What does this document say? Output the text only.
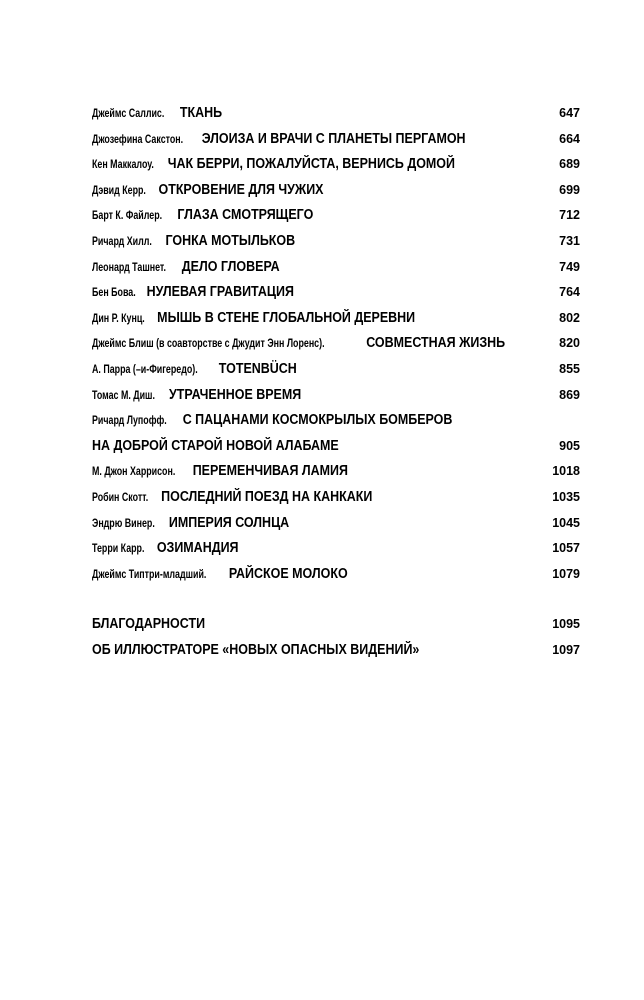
Джеймс Саллис. ТКАНЬ	647
Джозефина Сакстон. ЭЛОИЗА И ВРАЧИ С ПЛАНЕТЫ ПЕРГАМОН	664
Кен Маккалоу. ЧАК БЕРРИ, ПОЖАЛУЙСТА, ВЕРНИСЬ ДОМОЙ	689
Дэвид Керр. ОТКРОВЕНИЕ ДЛЯ ЧУЖИХ	699
Барт К. Файлер. ГЛАЗА СМОТРЯЩЕГО	712
Ричард Хилл. ГОНКА МОТЫЛЬКОВ	731
Леонард Ташнет. ДЕЛО ГЛОВЕРА	749
Бен Бова. НУЛЕВАЯ ГРАВИТАЦИЯ	764
Дин Р. Кунц. МЫШЬ В СТЕНЕ ГЛОБАЛЬНОЙ ДЕРЕВНИ	802
Джеймс Блиш (в соавторстве с Джудит Энн Лоренс).	СОВМЕСТНАЯ ЖИЗНЬ	820
А. Парра (–и-Фигередо). TOTENBÜCH	855
Томас М. Диш. УТРАЧЕННОЕ ВРЕМЯ	869
Ричард Лупофф. С ПАЦАНАМИ КОСМОКРЫЛЫХ БОМБЕРОВ
НА ДОБРОЙ СТАРОЙ НОВОЙ АЛАБАМЕ	905
М. Джон Харрисон. ПЕРЕМЕНЧИВАЯ ЛАМИЯ	1018
Робин Скотт. ПОСЛЕДНИЙ ПОЕЗД НА КАНКАКИ	1035
Эндрю Винер. ИМПЕРИЯ СОЛНЦА	1045
Терри Карр. ОЗИМАНДИЯ	1057
Джеймс Типтри-младший. РАЙСКОЕ МОЛОКО	1079
БЛАГОДАРНОСТИ	1095
ОБ ИЛЛЮСТРАТОРЕ «НОВЫХ ОПАСНЫХ ВИДЕНИЙ»	1097
